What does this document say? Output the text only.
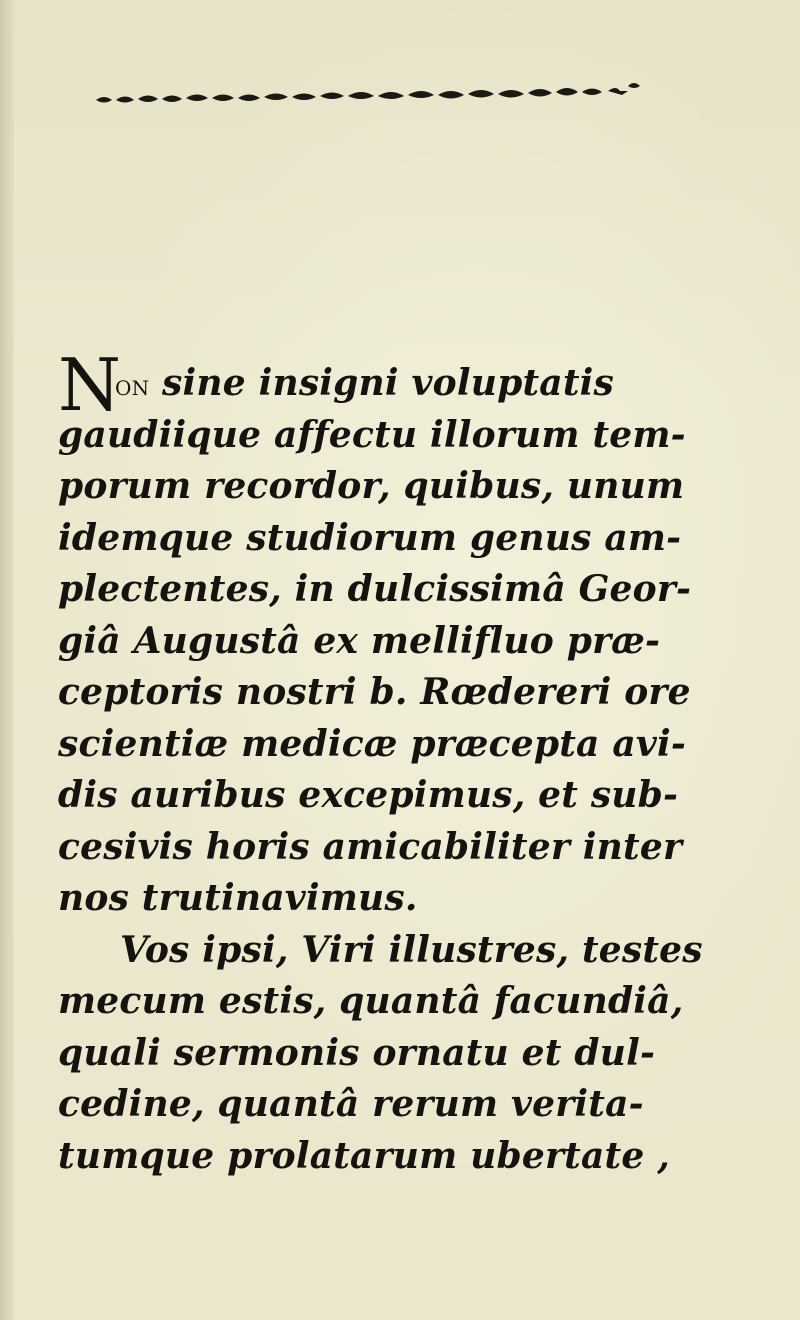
Non sine insigni voluptatis
gaudiique affectu illorum tem-
porum recordor, quibus, unum
idemque studiorum genus am-
plectentes, in dulcissimâ Geor-
giâ Augustâ ex mellifluo præ-
ceptoris nostri b. Rœdereri ore
scientiæ medicæ præcepta avi-
dis auribus excepimus, et sub-
cesivis horis amicabiliter inter
nos trutinavimus.
Vos ipsi, Viri illustres, testes
mecum estis, quantâ facundiâ,
quali sermonis ornatu et dul-
cedine, quantâ rerum verita-
tumque prolatarum ubertate ,
